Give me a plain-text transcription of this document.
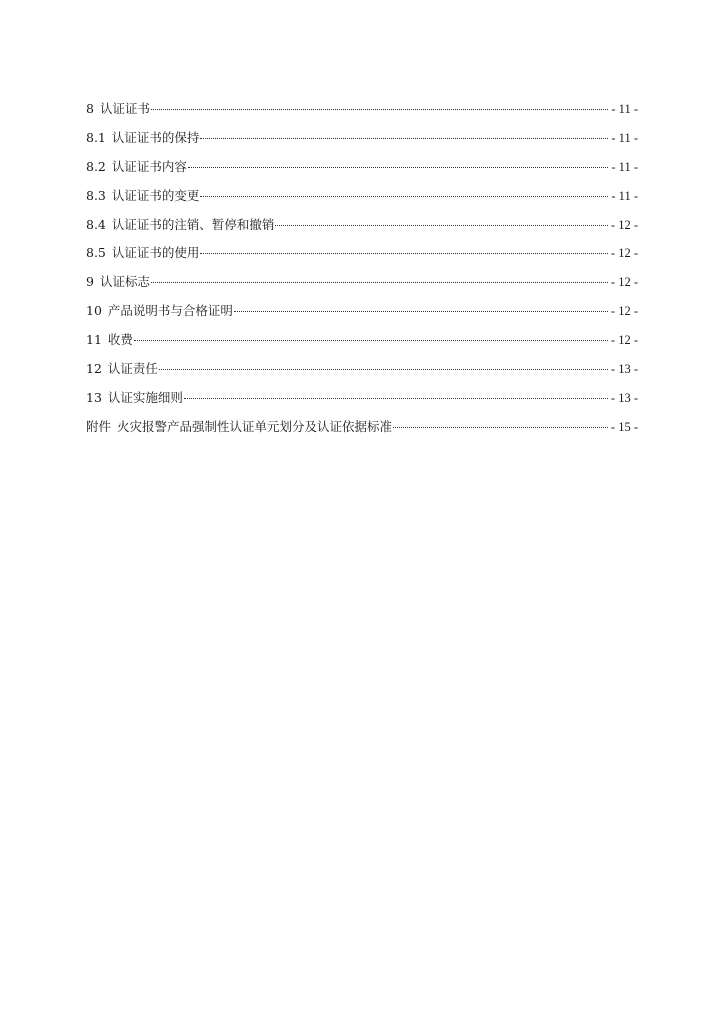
8 认证证书	- 11 -
8.1 认证证书的保持	- 11 -
8.2 认证证书内容	- 11 -
8.3 认证证书的变更	- 11 -
8.4 认证证书的注销、暂停和撤销	- 12 -
8.5 认证证书的使用	- 12 -
9 认证标志	- 12 -
10 产品说明书与合格证明	- 12 -
11 收费	- 12 -
12 认证责任	- 13 -
13 认证实施细则	- 13 -
附件 火灾报警产品强制性认证单元划分及认证依据标准	- 15 -
